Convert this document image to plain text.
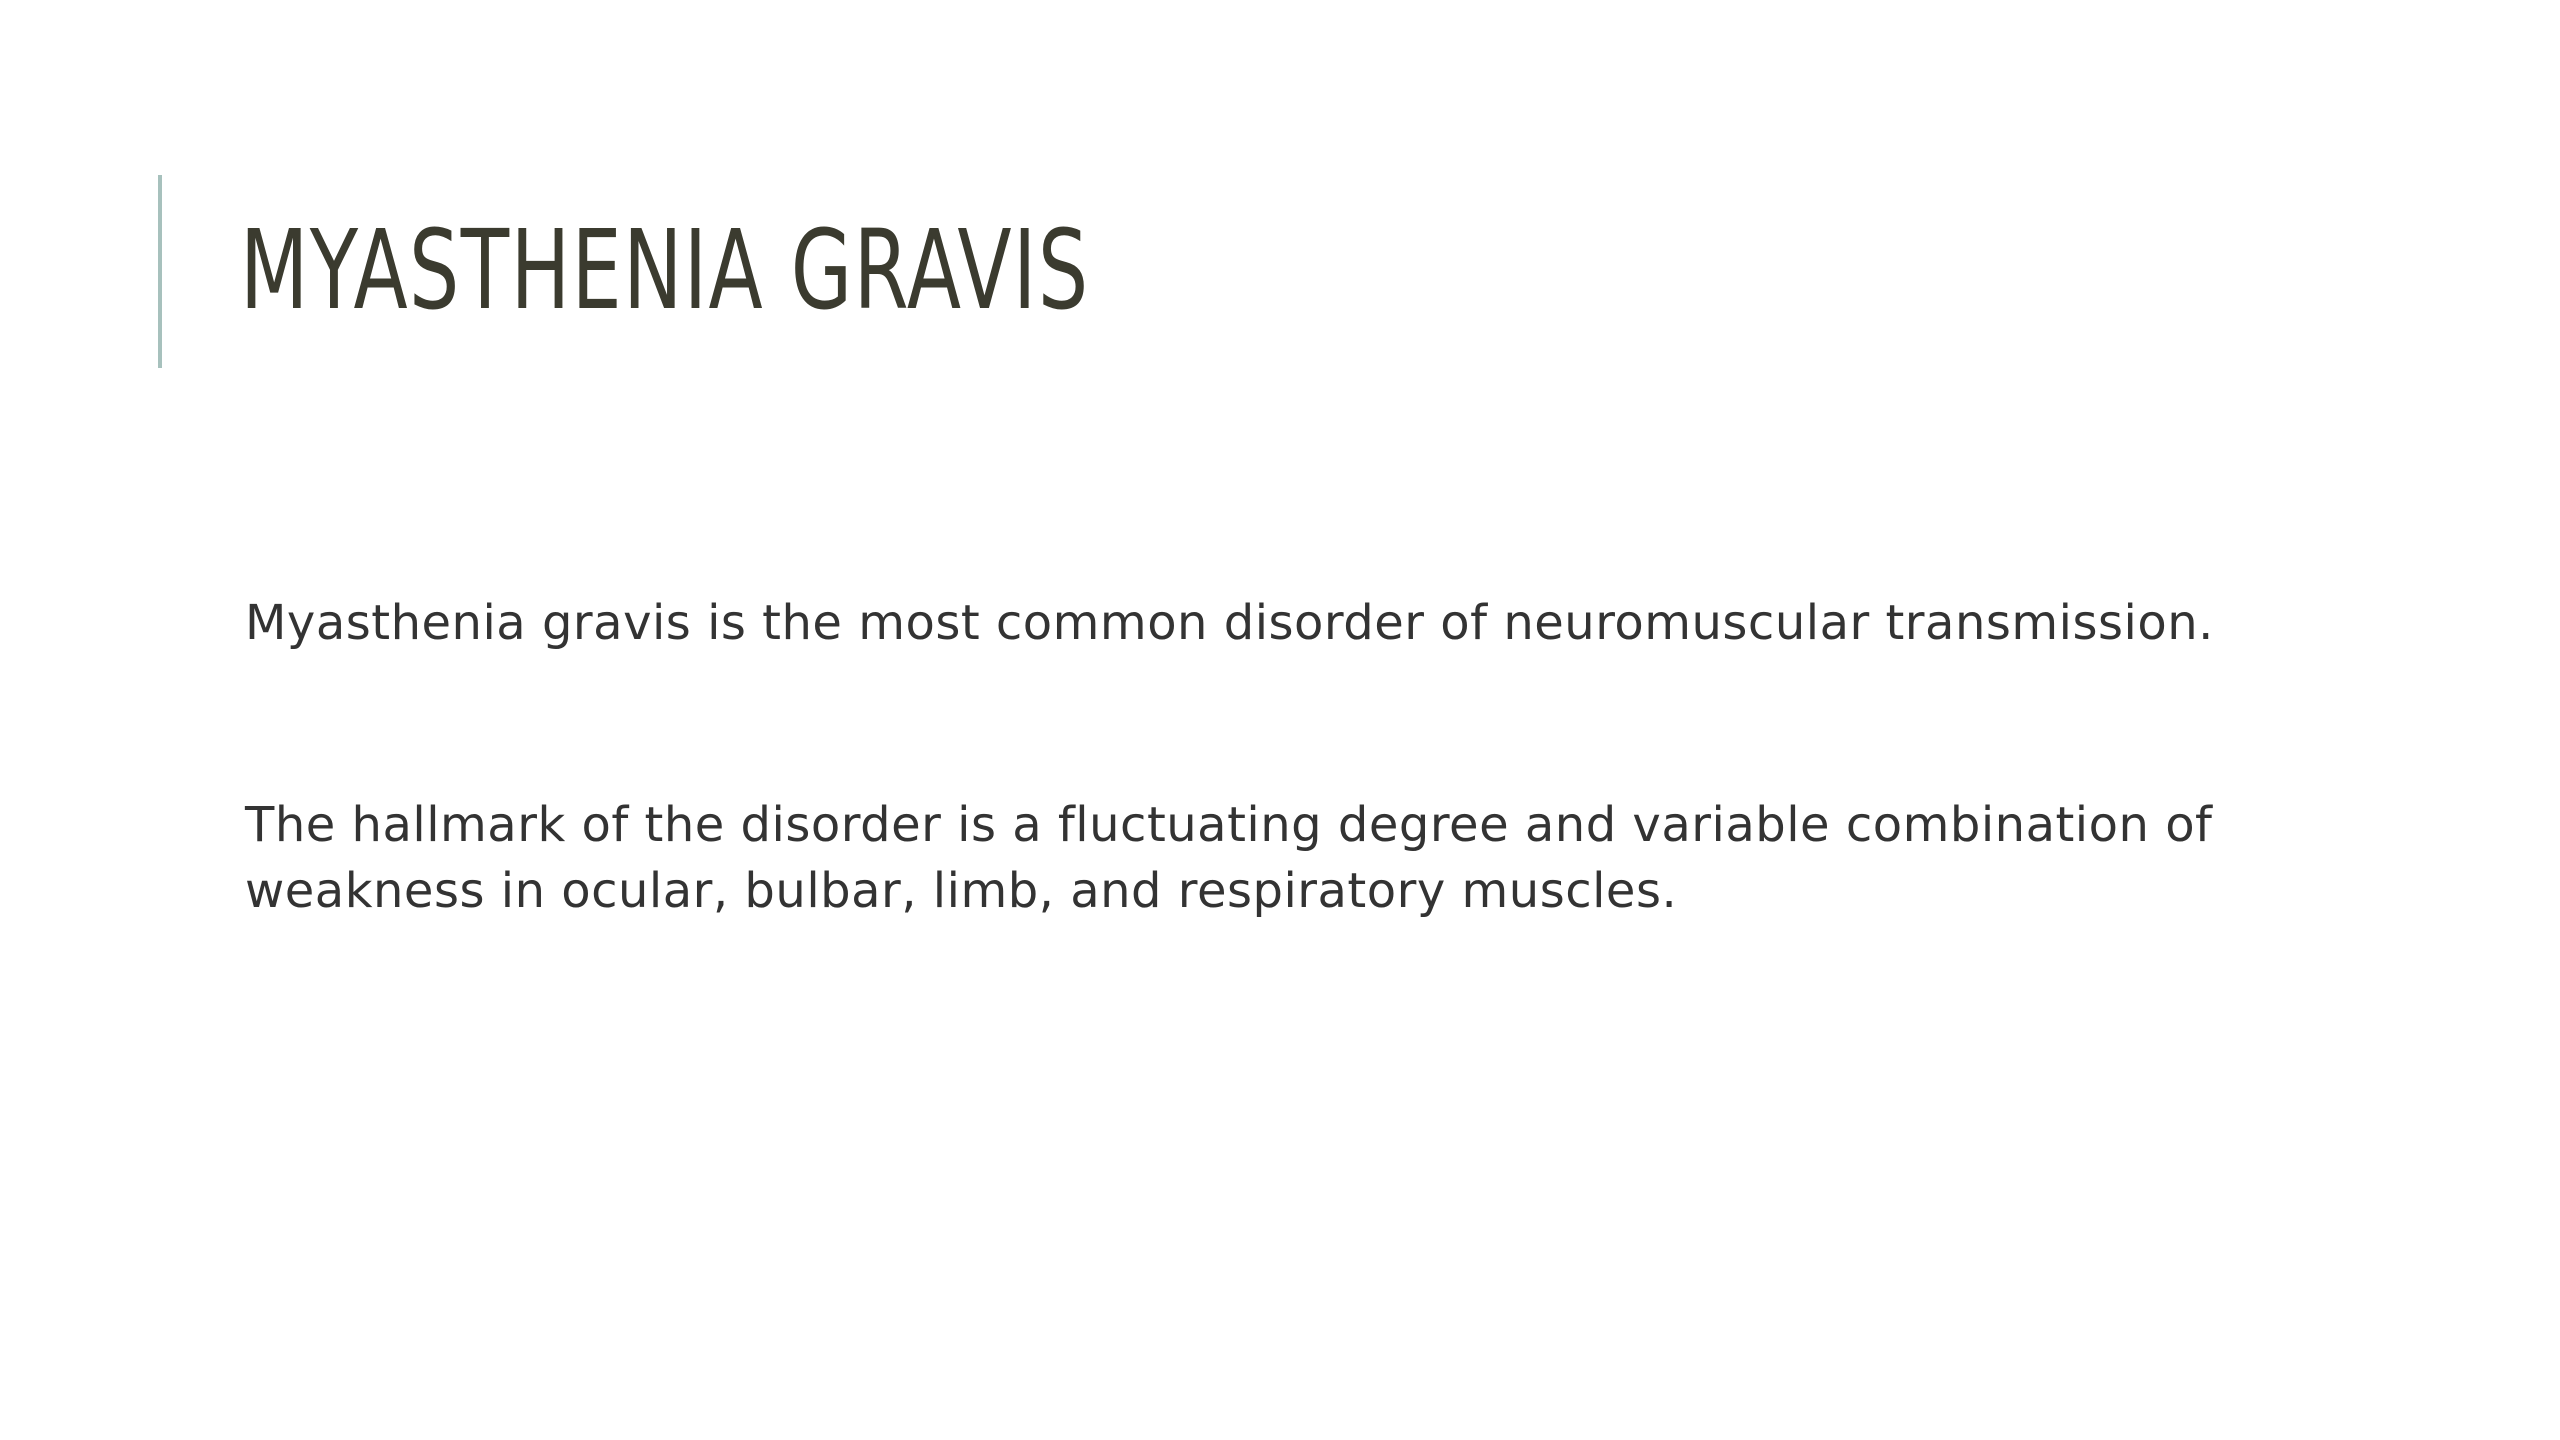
MYASTHENIA GRAVIS

Myasthenia gravis is the most common disorder of neuromuscular transmission.

The hallmark of the disorder is a fluctuating degree and variable combination of weakness in ocular, bulbar, limb, and respiratory muscles.
